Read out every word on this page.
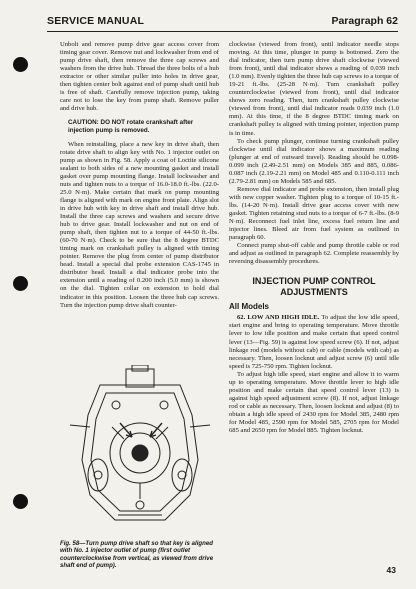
SERVICE MANUAL	Paragraph 62

Unbolt and remove pump drive gear access cover from timing gear cover. Remove nut and lockwasher from end of pump drive shaft, then remove the three cap screws and washers from the drive hub. Thread the three bolts of a hub extractor or other similar puller into holes in drive gear, then tighten center bolt against end of pump shaft until hub is free of shaft. Carefully remove injection pump, taking care not to lose the key from pump shaft. Remove puller and drive hub.

CAUTION: DO NOT rotate crankshaft after injection pump is removed.

When reinstalling, place a new key in drive shaft, then rotate drive shaft to align key with No. 1 injector outlet on pump as shown in Fig. 58. Apply a coat of Loctite silicone sealant to both sides of a new mounting gasket and install gasket over pump mounting flange. Install lockwasher and nuts and tighten nuts to a torque of 16.0-18.0 ft.-lbs. (22.0-25.0 N·m). Make certain that mark on pump mounting flange is aligned with mark on engine front plate. Align slot in drive hub with key in drive shaft and install drive hub. Install the three cap screws and washers and secure drive hub to drive gear. Install lockwasher and nut on end of pump shaft, then tighten nut to a torque of 44-50 ft.-lbs. (60-70 N·m). Check to be sure that the 8 degree BTDC timing mark on crankshaft pulley is aligned with timing pointer. Remove the plug from center of pump distributor head. Install a special dial probe extension CAS-1745 in distributor head. Install a dial indicator probe into the extension until a reading of 0.200 inch (5.0 mm) is shown on the dial. Tighten collar on extension to hold dial indicator in this position. Loosen the three hub cap screws. Turn the injection pump drive shaft counter-

Fig. 58—Turn pump drive shaft so that key is aligned with No. 1 injector outlet of pump (first outlet counterclockwise from vertical, as viewed from drive shaft end of pump).

clockwise (viewed from front), until indicator needle stops moving. At this time, plunger in pump is bottomed. Zero the dial indicator, then turn pump drive shaft clockwise (viewed from front), until dial indicator shows a reading of 0.039 inch (1.0 mm). Evenly tighten the three hub cap screws to a torque of 19-21 ft.-lbs. (25-28 N·m). Turn crankshaft pulley counterclockwise (viewed from front), until dial indicator shows zero reading. Then, turn crankshaft pulley clockwise (viewed from front), until dial indicator reads 0.039 inch (1.0 mm). At this time, if the 8 degree BTDC timing mark on crankshaft pulley is aligned with timing pointer, injection pump is in time.

To check pump plunger, continue turning crankshaft pulley clockwise until dial indicator shows a maximum reading (plunger at end of outward travel). Reading should be 0.098-0.099 inch (2.49-2.51 mm) on Models 385 and 885, 0.086-0.087 inch (2.19-2.21 mm) on Model 485 and 0.110-0.111 inch (2.79-2.81 mm) on Models 585 and 685.

Remove dial indicator and probe extension, then install plug with new copper washer. Tighten plug to a torque of 10-15 ft.-lbs. (14-20 N·m). Install drive gear access cover with new gasket. Tighten retaining stud nuts to a torque of 6-7 ft.-lbs. (8-9 N·m). Reconnect fuel inlet line, excess fuel return line and injector lines. Bleed air from fuel system as outlined in paragraph 60.

Connect pump shut-off cable and pump throttle cable or rod and adjust as outlined in paragraph 62. Complete reassembly by reversing disassembly procedures.

INJECTION PUMP CONTROL ADJUSTMENTS
All Models

62. LOW AND HIGH IDLE. To adjust the low idle speed, start engine and bring to operating temperature. Move throttle lever to low idle position and make certain that speed control lever (13—Fig. 59) is against low speed screw (6). If not, adjust linkage rod (models without cab) or cable (models with cab) as necessary. Then, loosen locknut and adjust screw (6) until idle speed is 725-750 rpm. Tighten locknut.

To adjust high idle speed, start engine and allow it to warm up to operating temperature. Move throttle lever to high idle position and make certain that speed control lever (13) is against high speed adjustment screw (8). If not, adjust linkage rod or cable as necessary. Then, loosen locknut and adjust (8) to obtain a high idle speed of 2430 rpm for Model 385, 2480 rpm for Model 485, 2590 rpm for Model 585, 2705 rpm for Model 685 and 2650 rpm for Model 885. Tighten locknut.

43
